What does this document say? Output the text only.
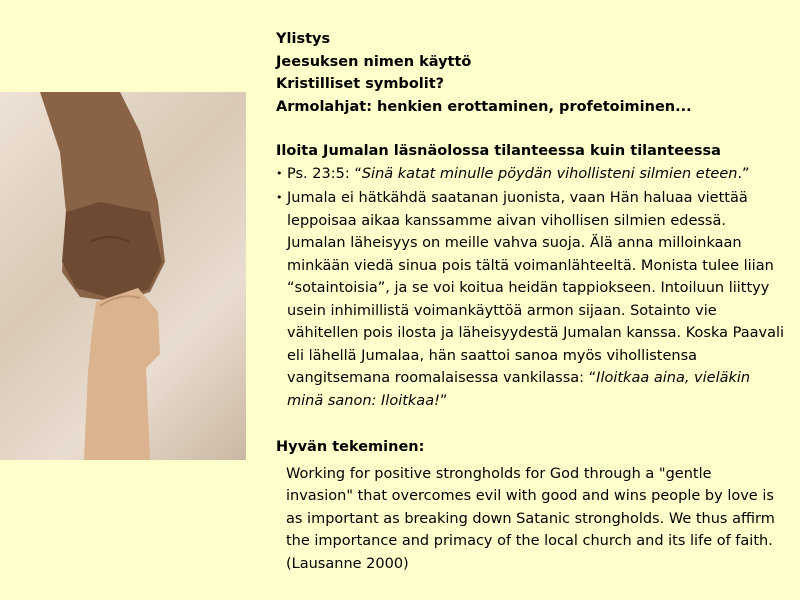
Ylistys

Jeesuksen nimen käyttö

Kristilliset symbolit?

Armolahjat: henkien erottaminen, profetoiminen...

Iloita Jumalan läsnäolossa tilanteessa kuin tilanteessa

• Ps. 23:5: “Sinä katat minulle pöydän vihollisteni silmien eteen.”
• Jumala ei hätkähdä saatanan juonista, vaan Hän haluaa viettää leppoisaa aikaa kanssamme aivan vihollisen silmien edessä. Jumalan läheisyys on meille vahva suoja. Älä anna milloinkaan minkään viedä sinua pois tältä voimanlähteeltä. Monista tulee liian “sotaintoisia”, ja se voi koitua heidän tappiokseen. Intoiluun liittyy usein inhimillistä voimankäyttöä armon sijaan. Sotainto vie vähitellen pois ilosta ja läheisyydestä Jumalan kanssa. Koska Paavali eli lähellä Jumalaa, hän saattoi sanoa myös vihollistensa vangitsemana roomalaisessa vankilassa: “Iloitkaa aina, vieläkin minä sanon: Iloitkaa!”

Hyvän tekeminen:

Working for positive strongholds for God through a "gentle invasion" that overcomes evil with good and wins people by love is as important as breaking down Satanic strongholds. We thus affirm the importance and primacy of the local church and its life of faith. (Lausanne 2000)
